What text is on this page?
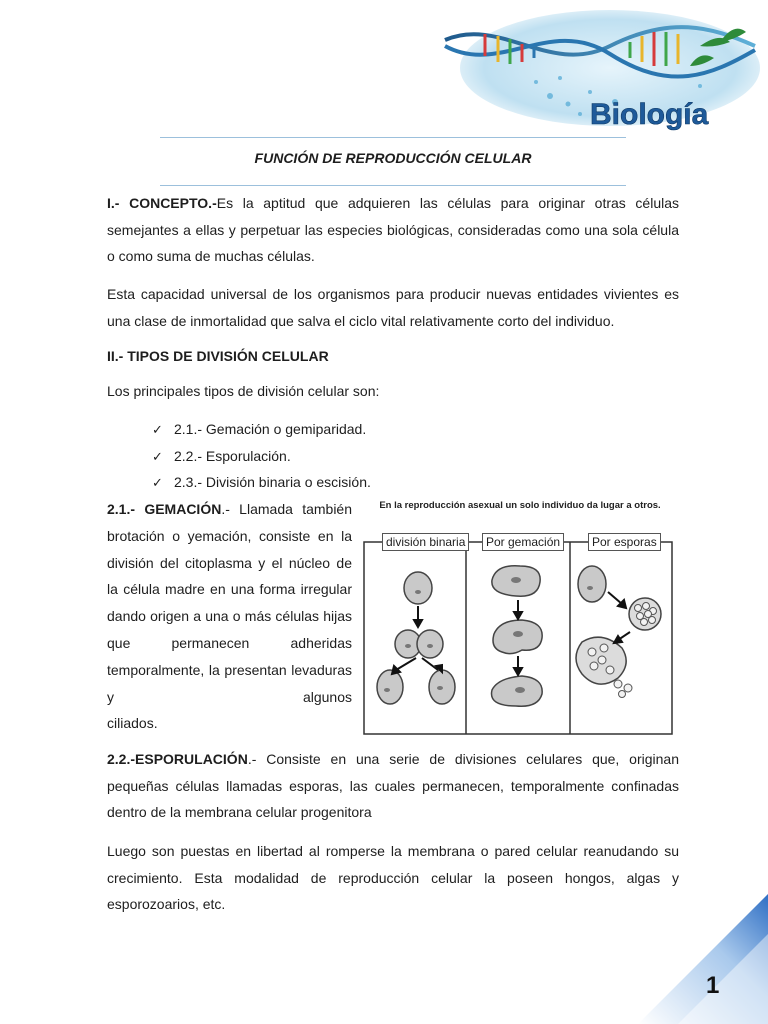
Biología
FUNCIÓN DE REPRODUCCIÓN CELULAR

I.- CONCEPTO.-Es la aptitud que adquieren las células para originar otras células semejantes a ellas y perpetuar las especies biológicas, consideradas como una sola célula o como suma de muchas células.

Esta capacidad universal de los organismos para producir nuevas entidades vivientes es una clase de inmortalidad que salva el ciclo vital relativamente corto del individuo.

II.- TIPOS DE DIVISIÓN CELULAR
Los principales tipos de división celular son:
✓ 2.1.- Gemación o gemiparidad.
✓ 2.2.- Esporulación.
✓ 2.3.- División binaria o escisión.

2.1.- GEMACIÓN.- Llamada también brotación o yemación, consiste en la división del citoplasma y el núcleo de la célula madre en una forma irregular dando origen a una o más células hijas que permanecen adheridas temporalmente, la presentan levaduras y algunos
ciliados.

En la reproducción asexual un solo individuo da lugar a otros.
división binaria	Por gemación	Por esporas

2.2.-ESPORULACIÓN.- Consiste en una serie de divisiones celulares que, originan pequeñas células llamadas esporas, las cuales permanecen, temporalmente confinadas dentro de la membrana celular progenitora

Luego son puestas en libertad al romperse la membrana o pared celular reanudando su crecimiento. Esta modalidad de reproducción celular la poseen hongos, algas y esporozoarios, etc.

1
